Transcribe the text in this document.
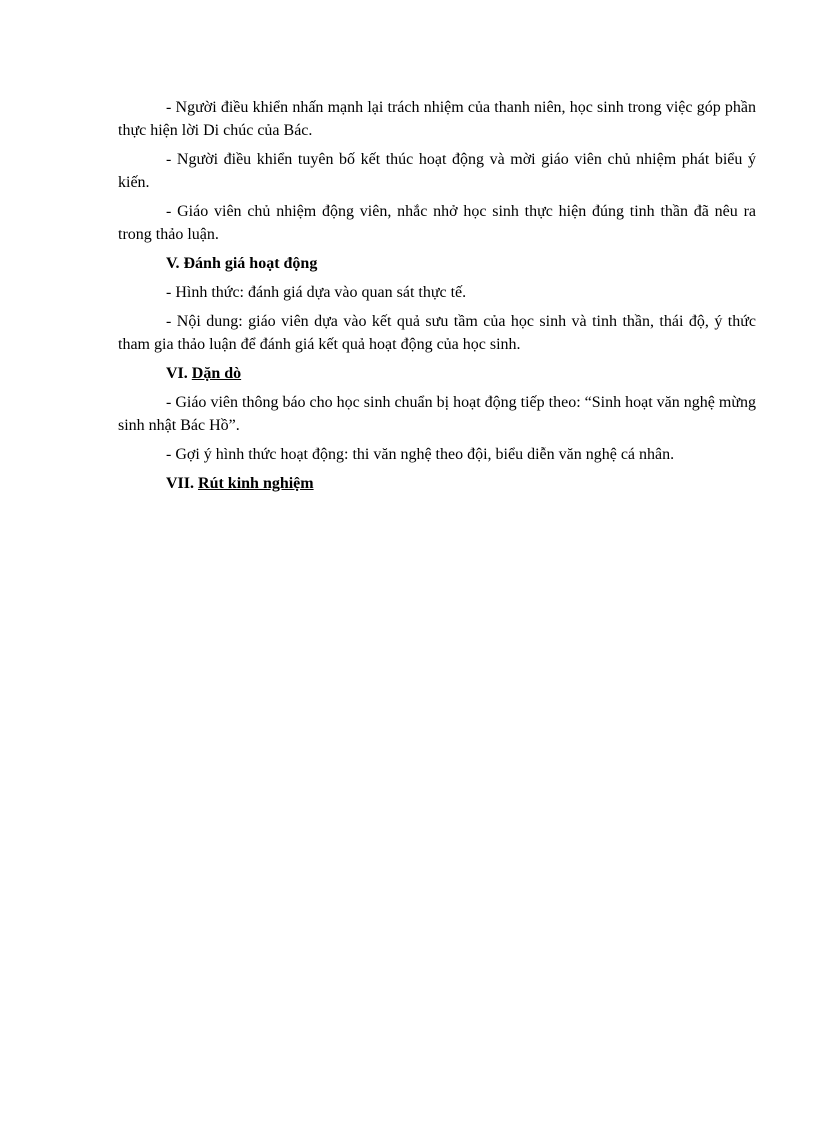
- Người điều khiển nhấn mạnh lại trách nhiệm của thanh niên, học sinh trong việc góp phần thực hiện lời Di chúc của Bác.

- Người điều khiển tuyên bố kết thúc hoạt động và mời giáo viên chủ nhiệm phát biểu ý kiến.

- Giáo viên chủ nhiệm động viên, nhắc nhở học sinh thực hiện đúng tinh thần đã nêu ra trong thảo luận.

V. Đánh giá hoạt động

- Hình thức: đánh giá dựa vào quan sát thực tế.

- Nội dung: giáo viên dựa vào kết quả sưu tầm của học sinh và tinh thần, thái độ, ý thức tham gia thảo luận để đánh giá kết quả hoạt động của học sinh.

VI. Dặn dò

- Giáo viên thông báo cho học sinh chuẩn bị hoạt động tiếp theo: “Sinh hoạt văn nghệ mừng sinh nhật Bác Hồ”.

- Gợi ý hình thức hoạt động: thi văn nghệ theo đội, biểu diễn văn nghệ cá nhân.

VII. Rút kinh nghiệm
